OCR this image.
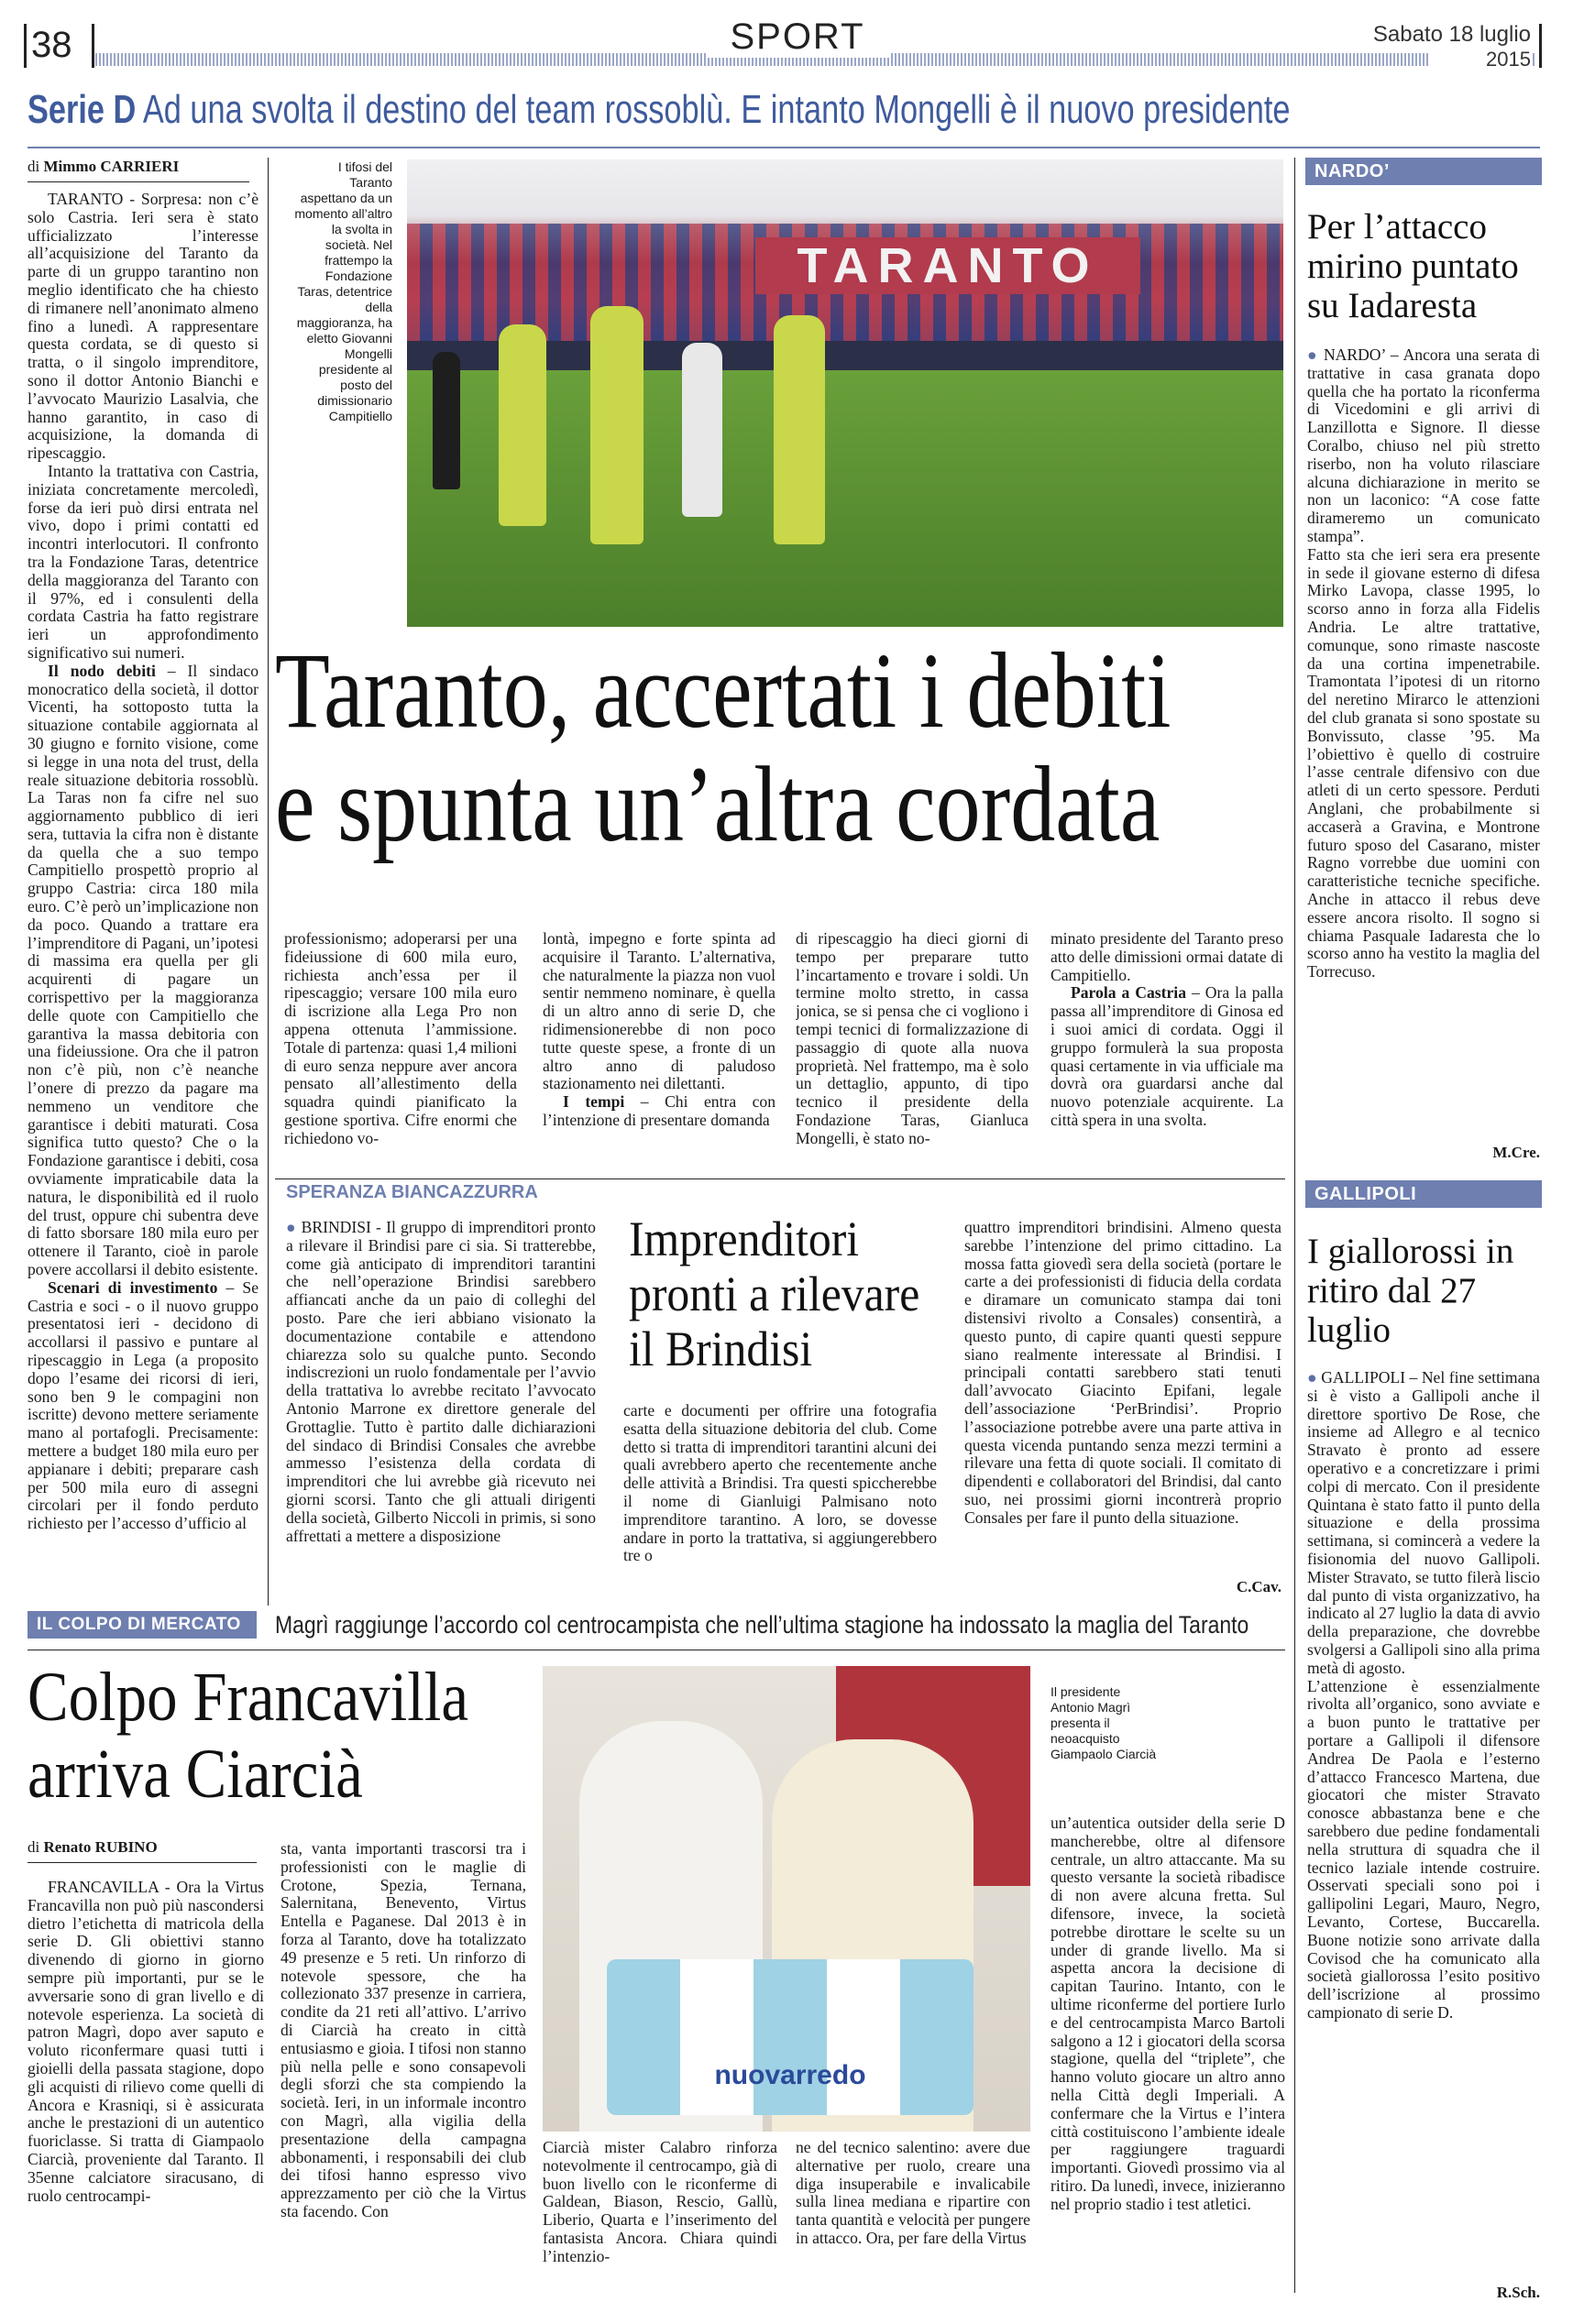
38	SPORT	Sabato 18 luglio
2015
Serie D Ad una svolta il destino del team rossoblù. E intanto Mongelli è il nuovo presidente
di Mimmo CARRIERI	I tifosi del Taranto aspettano da un momento all’altro la svolta in società. Nel frattempo la Fondazione Taras, detentrice della maggioranza, ha eletto Giovanni Mongelli presidente al posto del dimissionario Campitiello
TARANTO
Taranto, accertati i debiti
e spunta un’altra cordata

TARANTO - Sorpresa: non c’è solo Castria. Ieri sera è stato ufficializzato l’interesse all’acquisizione del Taranto da parte di un gruppo tarantino non meglio identificato che ha chiesto di rimanere nell’anonimato almeno fino a lunedì. A rappresentare questa cordata, se di questo si tratta, o il singolo imprenditore, sono il dottor Antonio Bianchi e l’avvocato Maurizio Lasalvia, che hanno garantito, in caso di acquisizione, la domanda di ripescaggio.

Intanto la trattativa con Castria, iniziata concretamente mercoledì, forse da ieri può dirsi entrata nel vivo, dopo i primi contatti ed incontri interlocutori. Il confronto tra la Fondazione Taras, detentrice della maggioranza del Taranto con il 97%, ed i consulenti della cordata Castria ha fatto registrare ieri un approfondimento significativo sui numeri.

Il nodo debiti – Il sindaco monocratico della società, il dottor Vicenti, ha sottoposto tutta la situazione contabile aggiornata al 30 giugno e fornito visione, come si legge in una nota del trust, della reale situazione debitoria rossoblù. La Taras non fa cifre nel suo aggiornamento pubblico di ieri sera, tuttavia la cifra non è distante da quella che a suo tempo Campitiello prospettò proprio al gruppo Castria: circa 180 mila euro. C’è però un’implicazione non da poco. Quando a trattare era l’imprenditore di Pagani, un’ipotesi di massima era quella per gli acquirenti di pagare un corrispettivo per la maggioranza delle quote con Campitiello che garantiva la massa debitoria con una fideiussione. Ora che il patron non c’è più, non c’è neanche l’onere di prezzo da pagare ma nemmeno un venditore che garantisce i debiti maturati. Cosa significa tutto questo? Che o la Fondazione garantisce i debiti, cosa ovviamente impraticabile data la natura, le disponibilità ed il ruolo del trust, oppure chi subentra deve di fatto sborsare 180 mila euro per ottenere il Taranto, cioè in parole povere accollarsi il debito esistente.

Scenari di investimento – Se Castria e soci - o il nuovo gruppo presentatosi ieri - decidono di accollarsi il passivo e puntare al ripescaggio in Lega (a proposito dopo l’esame dei ricorsi di ieri, sono ben 9 le compagini non iscritte) devono mettere seriamente mano al portafogli. Precisamente: mettere a budget 180 mila euro per appianare i debiti; preparare cash per 500 mila euro di assegni circolari per il fondo perduto richiesto per l’accesso d’ufficio al

professionismo; adoperarsi per una fideiussione di 600 mila euro, richiesta anch’essa per il ripescaggio; versare 100 mila euro di iscrizione alla Lega Pro non appena ottenuta l’ammissione. Totale di partenza: quasi 1,4 milioni di euro senza neppure aver ancora pensato all’allestimento della squadra quindi pianificato la gestione sportiva. Cifre enormi che richiedono vo-

lontà, impegno e forte spinta ad acquisire il Taranto. L’alternativa, che naturalmente la piazza non vuol sentir nemmeno nominare, è quella di un altro anno di serie D, che ridimensionerebbe di non poco tutte queste spese, a fronte di un altro anno di paludoso stazionamento nei dilettanti.

I tempi – Chi entra con l’intenzione di presentare domanda

di ripescaggio ha dieci giorni di tempo per preparare tutto l’incartamento e trovare i soldi. Un termine molto stretto, in cassa jonica, se si pensa che ci vogliono i tempi tecnici di formalizzazione di passaggio di quote alla nuova proprietà. Nel frattempo, ma è solo un dettaglio, appunto, di tipo tecnico il presidente della Fondazione Taras, Gianluca Mongelli, è stato no-

minato presidente del Taranto preso atto delle dimissioni ormai datate di Campitiello.

Parola a Castria – Ora la palla passa all’imprenditore di Ginosa ed i suoi amici di cordata. Oggi il gruppo formulerà la sua proposta quasi certamente in via ufficiale ma dovrà ora guardarsi anche dal nuovo potenziale acquirente. La città spera in una svolta.

NARDO’
Per l’attacco mirino puntato su Iadaresta

● NARDO’ – Ancora una serata di trattative in casa granata dopo quella che ha portato la riconferma di Vicedomini e gli arrivi di Lanzillotta e Signore. Il diesse Coralbo, chiuso nel più stretto riserbo, non ha voluto rilasciare alcuna dichiarazione in merito se non un laconico: “A cose fatte dirameremo un comunicato stampa”.

Fatto sta che ieri sera era presente in sede il giovane esterno di difesa Mirko Lavopa, classe 1995, lo scorso anno in forza alla Fidelis Andria. Le altre trattative, comunque, sono rimaste nascoste da una cortina impenetrabile. Tramontata l’ipotesi di un ritorno del neretino Mirarco le attenzioni del club granata si sono spostate su Bonvissuto, classe ’95. Ma l’obiettivo è quello di costruire l’asse centrale difensivo con due atleti di un certo spessore. Perduti Anglani, che probabilmente si accaserà a Gravina, e Montrone futuro sposo del Casarano, mister Ragno vorrebbe due uomini con caratteristiche tecniche specifiche. Anche in attacco il rebus deve essere ancora risolto. Il sogno si chiama Pasquale Iadaresta che lo scorso anno ha vestito la maglia del Torrecuso.

M.Cre.
GALLIPOLI
I giallorossi in ritiro dal 27 luglio

● GALLIPOLI – Nel fine settimana si è visto a Gallipoli anche il direttore sportivo De Rose, che insieme ad Allegro e al tecnico Stravato è pronto ad essere operativo e a concretizzare i primi colpi di mercato. Con il presidente Quintana è stato fatto il punto della situazione e della prossima settimana, si comincerà a vedere la fisionomia del nuovo Gallipoli. Mister Stravato, se tutto filerà liscio dal punto di vista organizzativo, ha indicato al 27 luglio la data di avvio della preparazione, che dovrebbe svolgersi a Gallipoli sino alla prima metà di agosto.

L’attenzione è essenzialmente rivolta all’organico, sono avviate e a buon punto le trattative per portare a Gallipoli il difensore Andrea De Paola e l’esterno d’attacco Francesco Martena, due giocatori che mister Stravato conosce abbastanza bene e che sarebbero due pedine fondamentali nella struttura di squadra che il tecnico laziale intende costruire. Osservati speciali sono poi i gallipolini Legari, Mauro, Negro, Levanto, Cortese, Buccarella. Buone notizie sono arrivate dalla Covisod che ha comunicato alla società giallorossa l’esito positivo dell’iscrizione al prossimo campionato di serie D.

R.Sch.
SPERANZA BIANCAZZURRA

● BRINDISI - Il gruppo di imprenditori pronto a rilevare il Brindisi pare ci sia. Si tratterebbe, come già anticipato di imprenditori tarantini che nell’operazione Brindisi sarebbero affiancati anche da un paio di colleghi del posto. Pare che ieri abbiano visionato la documentazione contabile e attendono chiarezza solo su qualche punto. Secondo indiscrezioni un ruolo fondamentale per l’avvio della trattativa lo avrebbe recitato l’avvocato Antonio Marrone ex direttore generale del Grottaglie. Tutto è partito dalle dichiarazioni del sindaco di Brindisi Consales che avrebbe ammesso l’esistenza della cordata di imprenditori che lui avrebbe già ricevuto nei giorni scorsi. Tanto che gli attuali dirigenti della società, Gilberto Niccoli in primis, si sono affrettati a mettere a disposizione

Imprenditori pronti a rilevare il Brindisi

carte e documenti per offrire una fotografia esatta della situazione debitoria del club. Come detto si tratta di imprenditori tarantini alcuni dei quali avrebbero aperto che recentemente anche delle attività a Brindisi. Tra questi spiccherebbe il nome di Gianluigi Palmisano noto imprenditore tarantino. A loro, se dovesse andare in porto la trattativa, si aggiungerebbero tre o

quattro imprenditori brindisini. Almeno questa sarebbe l’intenzione del primo cittadino. La mossa fatta giovedì sera della società (portare le carte a dei professionisti di fiducia della cordata e diramare un comunicato stampa dai toni distensivi rivolto a Consales) consentirà, a questo punto, di capire quanti questi seppure siano realmente interessate al Brindisi. I principali contatti sarebbero stati tenuti dall’avvocato Giacinto Epifani, legale dell’associazione ‘PerBrindisi’. Proprio l’associazione potrebbe avere una parte attiva in questa vicenda puntando senza mezzi termini a rilevare una fetta di quote sociali. Il comitato di dipendenti e collaboratori del Brindisi, dal canto suo, nei prossimi giorni incontrerà proprio Consales per fare il punto della situazione.

C.Cav.
IL COLPO DI MERCATO	Magrì raggiunge l’accordo col centrocampista che nell’ultima stagione ha indossato la maglia del Taranto
Colpo Francavilla
arriva Ciarcià
di Renato RUBINO
nuovarredo
Il presidente Antonio Magrì presenta il neoacquisto Giampaolo Ciarcià

FRANCAVILLA - Ora la Virtus Francavilla non può più nascondersi dietro l’etichetta di matricola della serie D. Gli obiettivi stanno divenendo di giorno in giorno sempre più importanti, pur se le avversarie sono di gran livello e di notevole esperienza. La società di patron Magrì, dopo aver saputo e voluto riconfermare quasi tutti i gioielli della passata stagione, dopo gli acquisti di rilievo come quelli di Ancora e Krasniqi, si è assicurata anche le prestazioni di un autentico fuoriclasse. Si tratta di Giampaolo Ciarcià, proveniente dal Taranto. Il 35enne calciatore siracusano, di ruolo centrocampi-

sta, vanta importanti trascorsi tra i professionisti con le maglie di Crotone, Spezia, Ternana, Salernitana, Benevento, Virtus Entella e Paganese. Dal 2013 è in forza al Taranto, dove ha totalizzato 49 presenze e 5 reti. Un rinforzo di notevole spessore, che ha collezionato 337 presenze in carriera, condite da 21 reti all’attivo. L’arrivo di Ciarcià ha creato in città entusiasmo e gioia. I tifosi non stanno più nella pelle e sono consapevoli degli sforzi che sta compiendo la società. Ieri, in un informale incontro con Magrì, alla vigilia della presentazione della campagna abbonamenti, i responsabili dei club dei tifosi hanno espresso vivo apprezzamento per ciò che la Virtus sta facendo. Con

Ciarcià mister Calabro rinforza notevolmente il centrocampo, già di buon livello con le riconferme di Galdean, Biason, Rescio, Gallù, Liberio, Quarta e l’inserimento del fantasista Ancora. Chiara quindi l’intenzio-

ne del tecnico salentino: avere due alternative per ruolo, creare una diga insuperabile e invalicabile sulla linea mediana e ripartire con tanta quantità e velocità per pungere in attacco. Ora, per fare della Virtus

un’autentica outsider della serie D mancherebbe, oltre al difensore centrale, un altro attaccante. Ma su questo versante la società ribadisce di non avere alcuna fretta. Sul difensore, invece, la società potrebbe dirottare le scelte su un under di grande livello. Ma si aspetta ancora la decisione di capitan Taurino. Intanto, con le ultime riconferme del portiere Iurlo e del centrocampista Marco Bartoli salgono a 12 i giocatori della scorsa stagione, quella del “triplete”, che hanno voluto giocare un altro anno nella Città degli Imperiali. A confermare che la Virtus e l’intera città costituiscono l’ambiente ideale per raggiungere traguardi importanti. Giovedì prossimo via al ritiro. Da lunedì, invece, inizieranno nel proprio stadio i test atletici.
